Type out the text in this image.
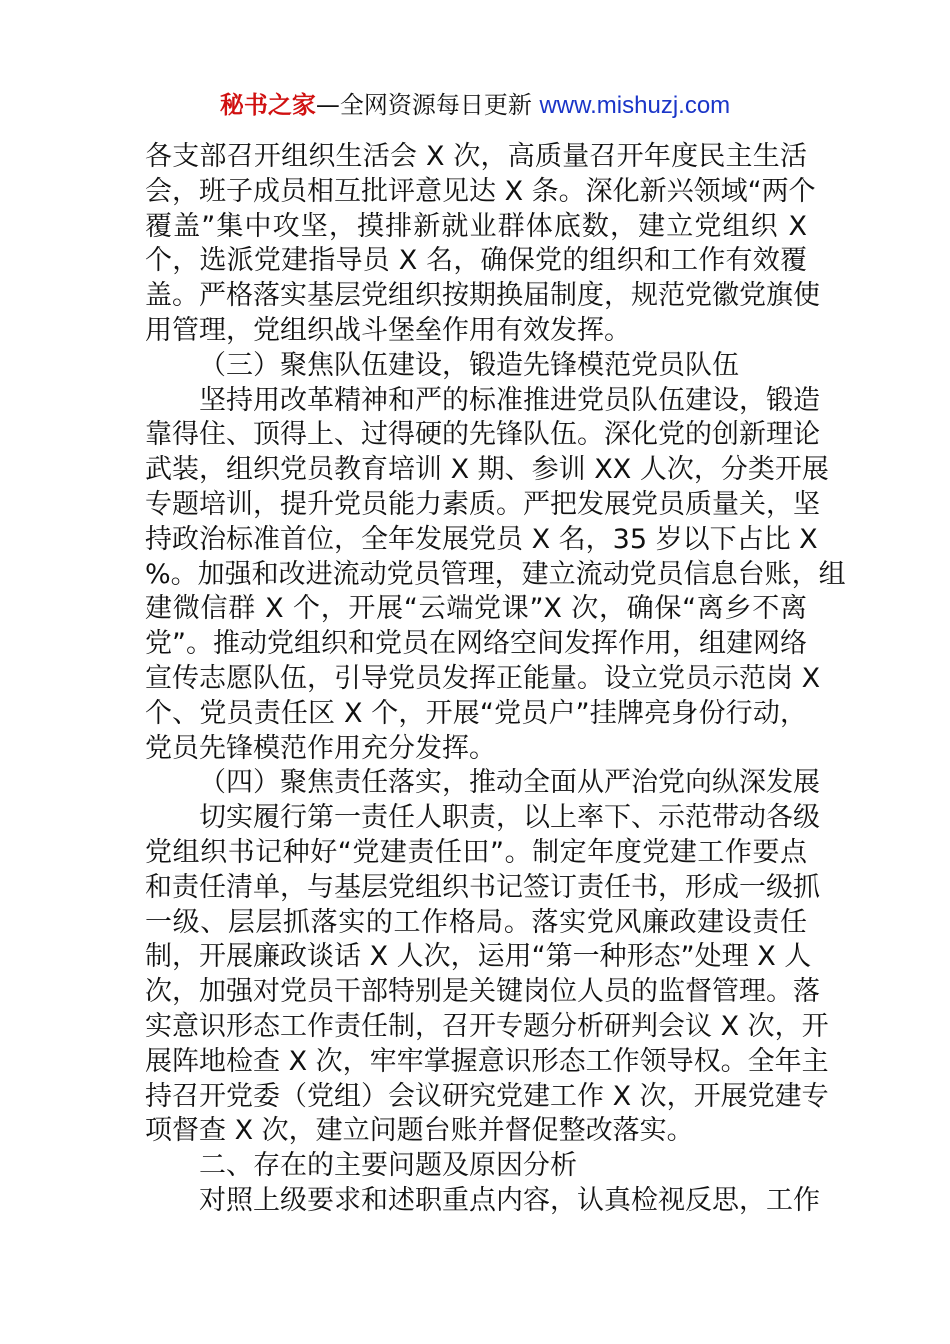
秘书之家—全网资源每日更新 www.mishuzj.com
各支部召开组织生活会 X 次，高质量召开年度民主生活
会，班子成员相互批评意见达 X 条。深化新兴领域“两个
覆盖”集中攻坚，摸排新就业群体底数，建立党组织 X
个，选派党建指导员 X 名，确保党的组织和工作有效覆
盖。严格落实基层党组织按期换届制度，规范党徽党旗使
用管理，党组织战斗堡垒作用有效发挥。
（三）聚焦队伍建设，锻造先锋模范党员队伍
坚持用改革精神和严的标准推进党员队伍建设，锻造
靠得住、顶得上、过得硬的先锋队伍。深化党的创新理论
武装，组织党员教育培训 X 期、参训 XX 人次，分类开展
专题培训，提升党员能力素质。严把发展党员质量关，坚
持政治标准首位，全年发展党员 X 名，35 岁以下占比 X
%。加强和改进流动党员管理，建立流动党员信息台账，组
建微信群 X 个，开展“云端党课”X 次，确保“离乡不离
党”。推动党组织和党员在网络空间发挥作用，组建网络
宣传志愿队伍，引导党员发挥正能量。设立党员示范岗 X
个、党员责任区 X 个，开展“党员户”挂牌亮身份行动，
党员先锋模范作用充分发挥。
（四）聚焦责任落实，推动全面从严治党向纵深发展
切实履行第一责任人职责，以上率下、示范带动各级
党组织书记种好“党建责任田”。制定年度党建工作要点
和责任清单，与基层党组织书记签订责任书，形成一级抓
一级、层层抓落实的工作格局。落实党风廉政建设责任
制，开展廉政谈话 X 人次，运用“第一种形态”处理 X 人
次，加强对党员干部特别是关键岗位人员的监督管理。落
实意识形态工作责任制，召开专题分析研判会议 X 次，开
展阵地检查 X 次，牢牢掌握意识形态工作领导权。全年主
持召开党委（党组）会议研究党建工作 X 次，开展党建专
项督查 X 次，建立问题台账并督促整改落实。
二、存在的主要问题及原因分析
对照上级要求和述职重点内容，认真检视反思，工作
